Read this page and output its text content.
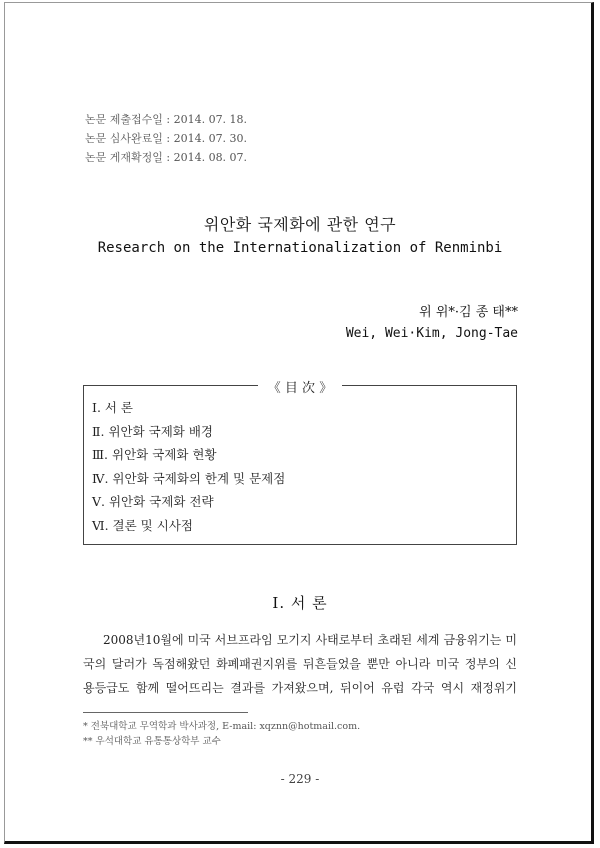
논문 제출접수일 : 2014. 07. 18.
논문 심사완료일 : 2014. 07. 30.
논문 게재확정일 : 2014. 08. 07.
위안화 국제화에 관한 연구
Research on the Internationalization of Renminbi
위 위*·김 종 태**
Wei, Wei·Kim, Jong-Tae
《 目 次 》
Ⅰ. 서 론
Ⅱ. 위안화 국제화 배경
Ⅲ. 위안화 국제화 현황
Ⅳ. 위안화 국제화의 한계 및 문제점
Ⅴ. 위안화 국제화 전략
Ⅵ. 결론 및 시사점
Ⅰ. 서 론
2008년10월에 미국 서브프라임 모기지 사태로부터 초래된 세계 금융위기는 미
국의 달러가 독점해왔던 화폐패권지위를 뒤흔들었을 뿐만 아니라 미국 정부의 신
용등급도 함께 떨어뜨리는 결과를 가져왔으며, 뒤이어 유럽 각국 역시 재정위기
* 전북대학교 무역학과 박사과정, E-mail: xqznn@hotmail.com.
** 우석대학교 유통통상학부 교수
- 229 -
